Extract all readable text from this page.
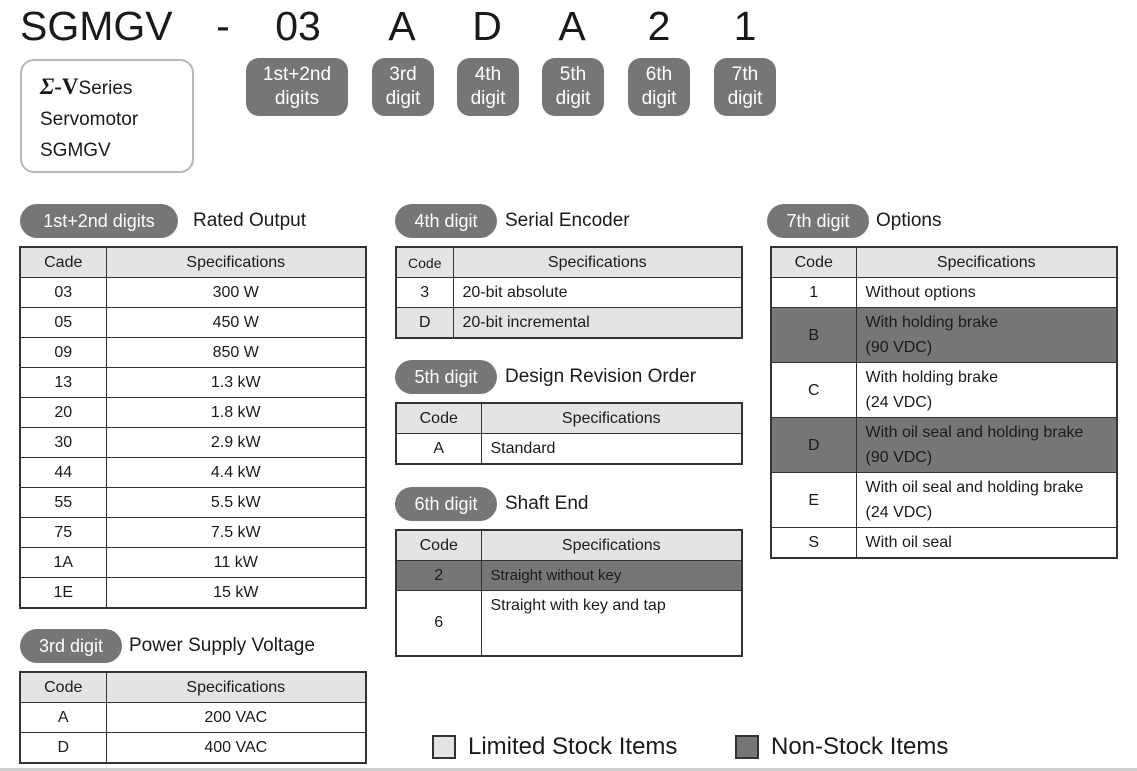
SGMGV -	03	A	D	A	2	1
1st+2nd digits
3rd digit
4th digit
5th digit
6th digit
7th digit
Σ-VSeries
Servomotor
SGMGV
1st+2nd digits	Rated Output
Cade	Specifications
03	300 W
05	450 W
09	850 W
13	1.3 kW
20	1.8 kW
30	2.9 kW
44	4.4 kW
55	5.5 kW
75	7.5 kW
1A	11 kW
1E	15 kW
3rd digit	Power Supply Voltage
Code	Specifications
A	200 VAC
D	400 VAC
4th digit	Serial Encoder
Code	Specifications
3	20-bit absolute
D	20-bit incremental
5th digit	Design Revision Order
Code	Specifications
A	Standard
6th digit	Shaft End
Code	Specifications
2	Straight without key
6	Straight with key and tap
7th digit	Options
Code	Specifications
1	Without options

B	With holding brake
(90 VDC)

C	With holding brake
(24 VDC)

D	With oil seal and holding brake
(90 VDC)

E	With oil seal and holding brake
(24 VDC)

S	With oil seal
Limited Stock Items	Non-Stock Items
